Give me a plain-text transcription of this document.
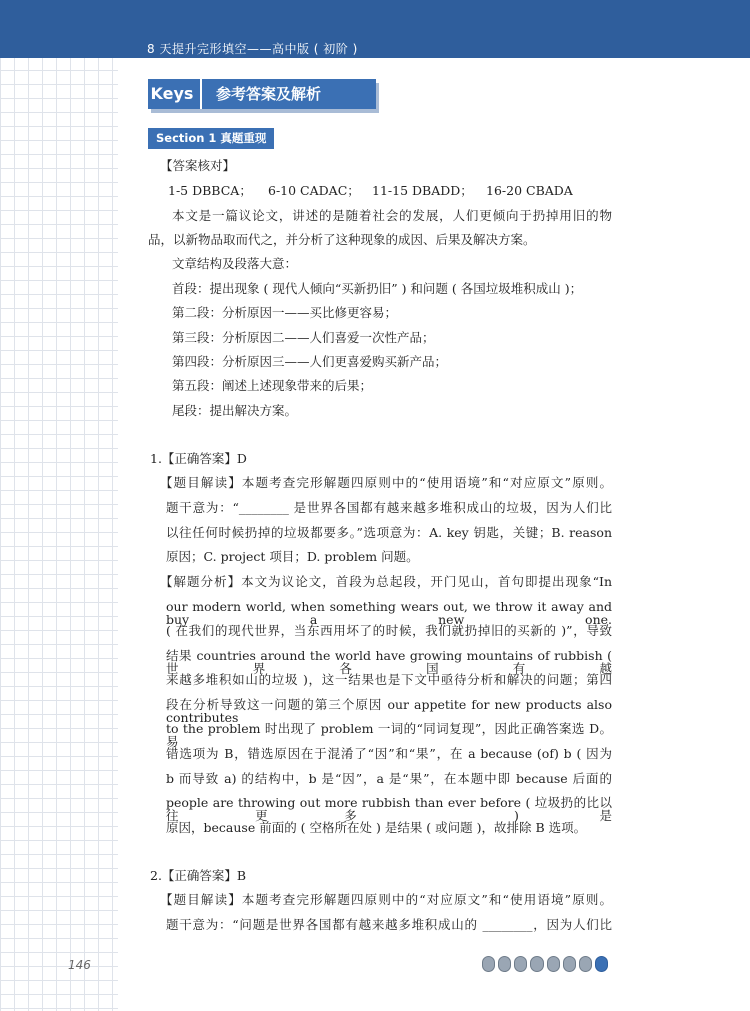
8 天提升完形填空——高中版 ( 初阶 )
Keys 参考答案及解析
Section 1 真题重现
【答案核对】
1-5 DBBCA； 6-10 CADAC； 11-15 DBADD； 16-20 CBADA
本文是一篇议论文，讲述的是随着社会的发展，人们更倾向于扔掉用旧的物
品，以新物品取而代之，并分析了这种现象的成因、后果及解决方案。
文章结构及段落大意：
首段：提出现象 ( 现代人倾向“买新扔旧” ) 和问题 ( 各国垃圾堆积成山 )；
第二段：分析原因一——买比修更容易；
第三段：分析原因二——人们喜爱一次性产品；
第四段：分析原因三——人们更喜爱购买新产品；
第五段：阐述上述现象带来的后果；
尾段：提出解决方案。
1.【正确答案】D
【题目解读】本题考查完形解题四原则中的“使用语境”和“对应原文”原则。
题干意为：“________ 是世界各国都有越来越多堆积成山的垃圾，因为人们比
以往任何时候扔掉的垃圾都要多。”选项意为：A. key 钥匙，关键；B. reason
原因；C. project 项目；D. problem 问题。
【解题分析】本文为议论文，首段为总起段，开门见山，首句即提出现象“In
our modern world, when something wears out, we throw it away and buy a new one.
( 在我们的现代世界，当东西用坏了的时候，我们就扔掉旧的买新的 )”，导致
结果 countries around the world have growing mountains of rubbish ( 世界各国有越
来越多堆积如山的垃圾 )，这一结果也是下文中亟待分析和解决的问题；第四
段在分析导致这一问题的第三个原因 our appetite for new products also contributes
to the problem 时出现了 problem 一词的“同词复现”，因此正确答案选 D。易
错选项为 B，错选原因在于混淆了“因”和“果”，在 a because (of) b ( 因为
b 而导致 a) 的结构中，b 是“因”，a 是“果”，在本题中即 because 后面的
people are throwing out more rubbish than ever before ( 垃圾扔的比以往更多 ) 是
原因，because 前面的 ( 空格所在处 ) 是结果 ( 或问题 )，故排除 B 选项。
2.【正确答案】B
【题目解读】本题考查完形解题四原则中的“对应原文”和“使用语境”原则。
题干意为：“问题是世界各国都有越来越多堆积成山的 ________，因为人们比
146
